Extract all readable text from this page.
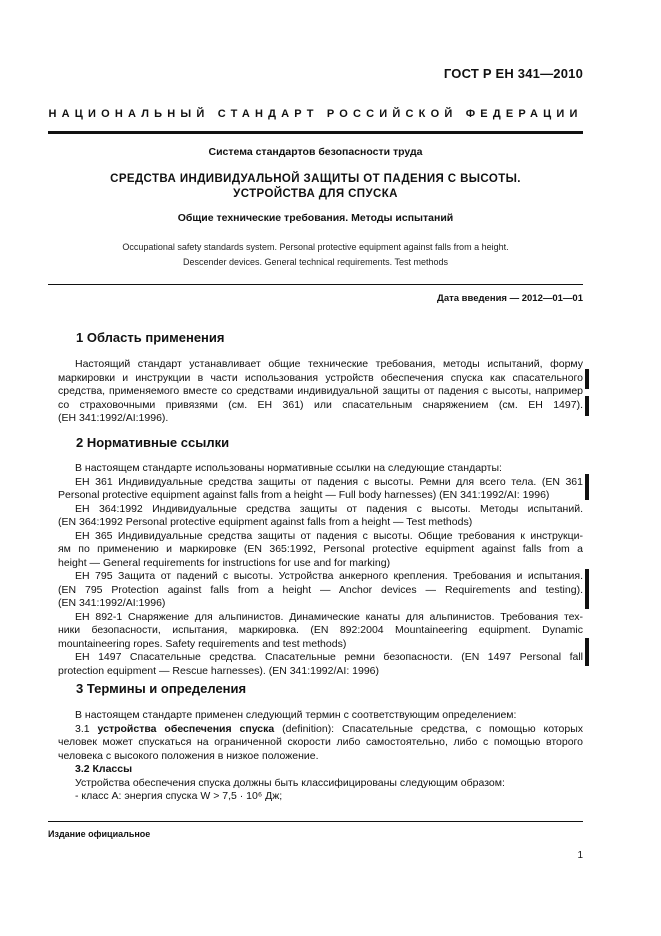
ГОСТ Р ЕН 341—2010
НАЦИОНАЛЬНЫЙ СТАНДАРТ РОССИЙСКОЙ ФЕДЕРАЦИИ
Система стандартов безопасности труда
СРЕДСТВА ИНДИВИДУАЛЬНОЙ ЗАЩИТЫ ОТ ПАДЕНИЯ С ВЫСОТЫ.
УСТРОЙСТВА ДЛЯ СПУСКА
Общие технические требования. Методы испытаний
Occupational safety standards system. Personal protective equipment against falls from a height.
Descender devices. General technical requirements. Test methods
Дата введения — 2012—01—01
1 Область применения
Настоящий стандарт устанавливает общие технические требования, методы испытаний, форму
маркировки и инструкции в части использования устройств обеспечения спуска как спасательного
средства, применяемого вместе со средствами индивидуальной защиты от падения с высоты, например
со страховочными привязями (см. ЕН 361) или спасательным снаряжением (см. ЕН 1497).
(ЕН 341:1992/АІ:1996).
2 Нормативные ссылки
В настоящем стандарте использованы нормативные ссылки на следующие стандарты:
ЕН 361 Индивидуальные средства защиты от падения с высоты. Ремни для всего тела. (EN 361
Personal protective equipment against falls from a height — Full body harnesses) (EN 341:1992/AI: 1996)
ЕН 364:1992 Индивидуальные средства защиты от падения с высоты. Методы испытаний.
(EN 364:1992 Personal protective equipment against falls from a height — Test methods)
ЕН 365 Индивидуальные средства защиты от падения с высоты. Общие требования к инструкци-
ям по применению и маркировке (EN 365:1992, Personal protective equipment against falls from a
height — General requirements for instructions for use and for marking)
ЕН 795 Защита от падений с высоты. Устройства анкерного крепления. Требования и испытания.
(EN 795 Protection against falls from a height — Anchor devices — Requirements and testing).
(EN 341:1992/AI:1996)
ЕН 892-1 Снаряжение для альпинистов. Динамические канаты для альпинистов. Требования тех-
ники безопасности, испытания, маркировка. (EN 892:2004 Mountaineering equipment. Dynamic
mountaineering ropes. Safety requirements and test methods)
ЕН 1497 Спасательные средства. Спасательные ремни безопасности. (EN 1497 Personal fall
protection equipment — Rescue harnesses). (EN 341:1992/AI: 1996)
3 Термины и определения
В настоящем стандарте применен следующий термин с соответствующим определением:
3.1 устройства обеспечения спуска (definition): Спасательные средства, с помощью которых
человек может спускаться на ограниченной скорости либо самостоятельно, либо с помощью второго
человека с высокого положения в низкое положение.
3.2 Классы
Устройства обеспечения спуска должны быть классифицированы следующим образом:
- класс А: энергия спуска W > 7,5 · 10⁶ Дж;
Издание официальное
1
